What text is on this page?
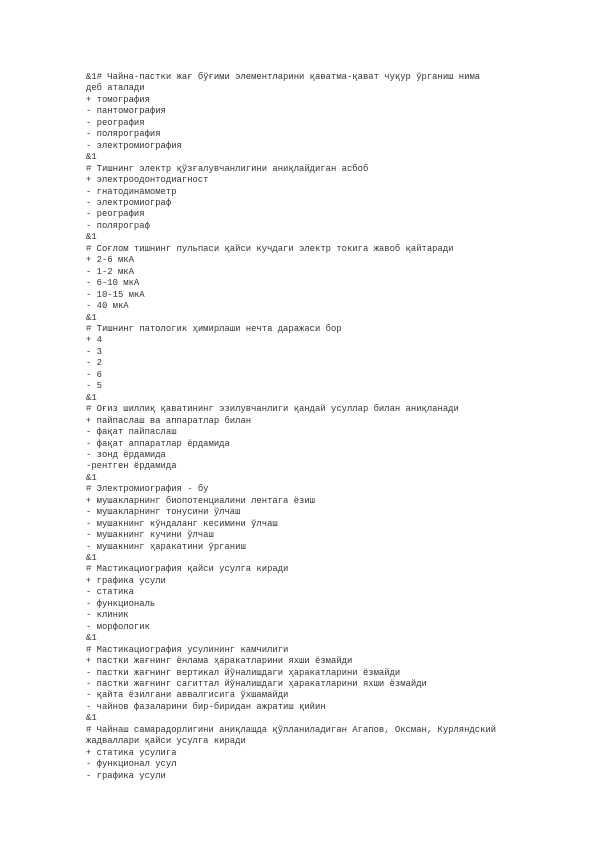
&1# Чайна-пастки жағ бўғими элементларини қаватма-қават чуқур ўрганиш нима
деб аталади
+ томография
- пантомография
- реография
- полярография
- электромиография
&1
# Тишнинг электр қўзғалувчанлигини аниқлайдиган асбоб
+ электроодонтодиагност
- гнатодинамометр
- электромиограф
- реография
- полярограф
&1
# Соғлом тишнинг пульпаси қайси кучдаги электр токига жавоб қайтаради
+ 2-6 мкА
- 1-2 мкА
- 6-10 мкА
- 10-15 мкА
- 40 мкА
&1
# Тишнинг патологик ҳимирлаши нечта даражаси бор
+ 4
- 3
- 2
- 6
- 5
&1
# Оғиз шиллиқ қаватининг эзилувчанлиги қандай усуллар билан аниқланади
+ пайпаслаш ва аппаратлар билан
- фақат пайпаслаш
- фақат аппаратлар ёрдамида
- зонд ёрдамида
-рентген ёрдамида
&1
# Электромиография - бу
+ мушакларнинг биопотенциалини лентага ёзиш
- мушакларнинг тонусини ўлчаш
- мушакнинг кўндаланг кесимини ўлчаш
- мушакнинг кучини ўлчаш
- мушакнинг ҳаракатини ўрганиш
&1
# Мастикациография қайси усулга киради
+ графика усули
- статика
- функциональ
- клиник
- морфологик
&1
# Мастикациография усулининг камчилиги
+ пастки жағнинг ёнлама ҳаракатларини яхши ёзмайди
- пастки жағнинг вертикал йўналишдаги ҳаракатларини ёзмайди
- пастки жағнинг сагиттал йўналишдаги ҳаракатларини яхши ёзмайди
- қайта ёзилгани аввалгисига ўхшамайди
- чайнов фазаларини бир-биридан ажратиш қийин
&1
# Чайнаш самарадорлигини аниқлашда қўлланиладиган Агапов, Оксман, Курляндский
жадваллари қайси усулга киради
+ статика усулига
- функционал усул
- графика усули
